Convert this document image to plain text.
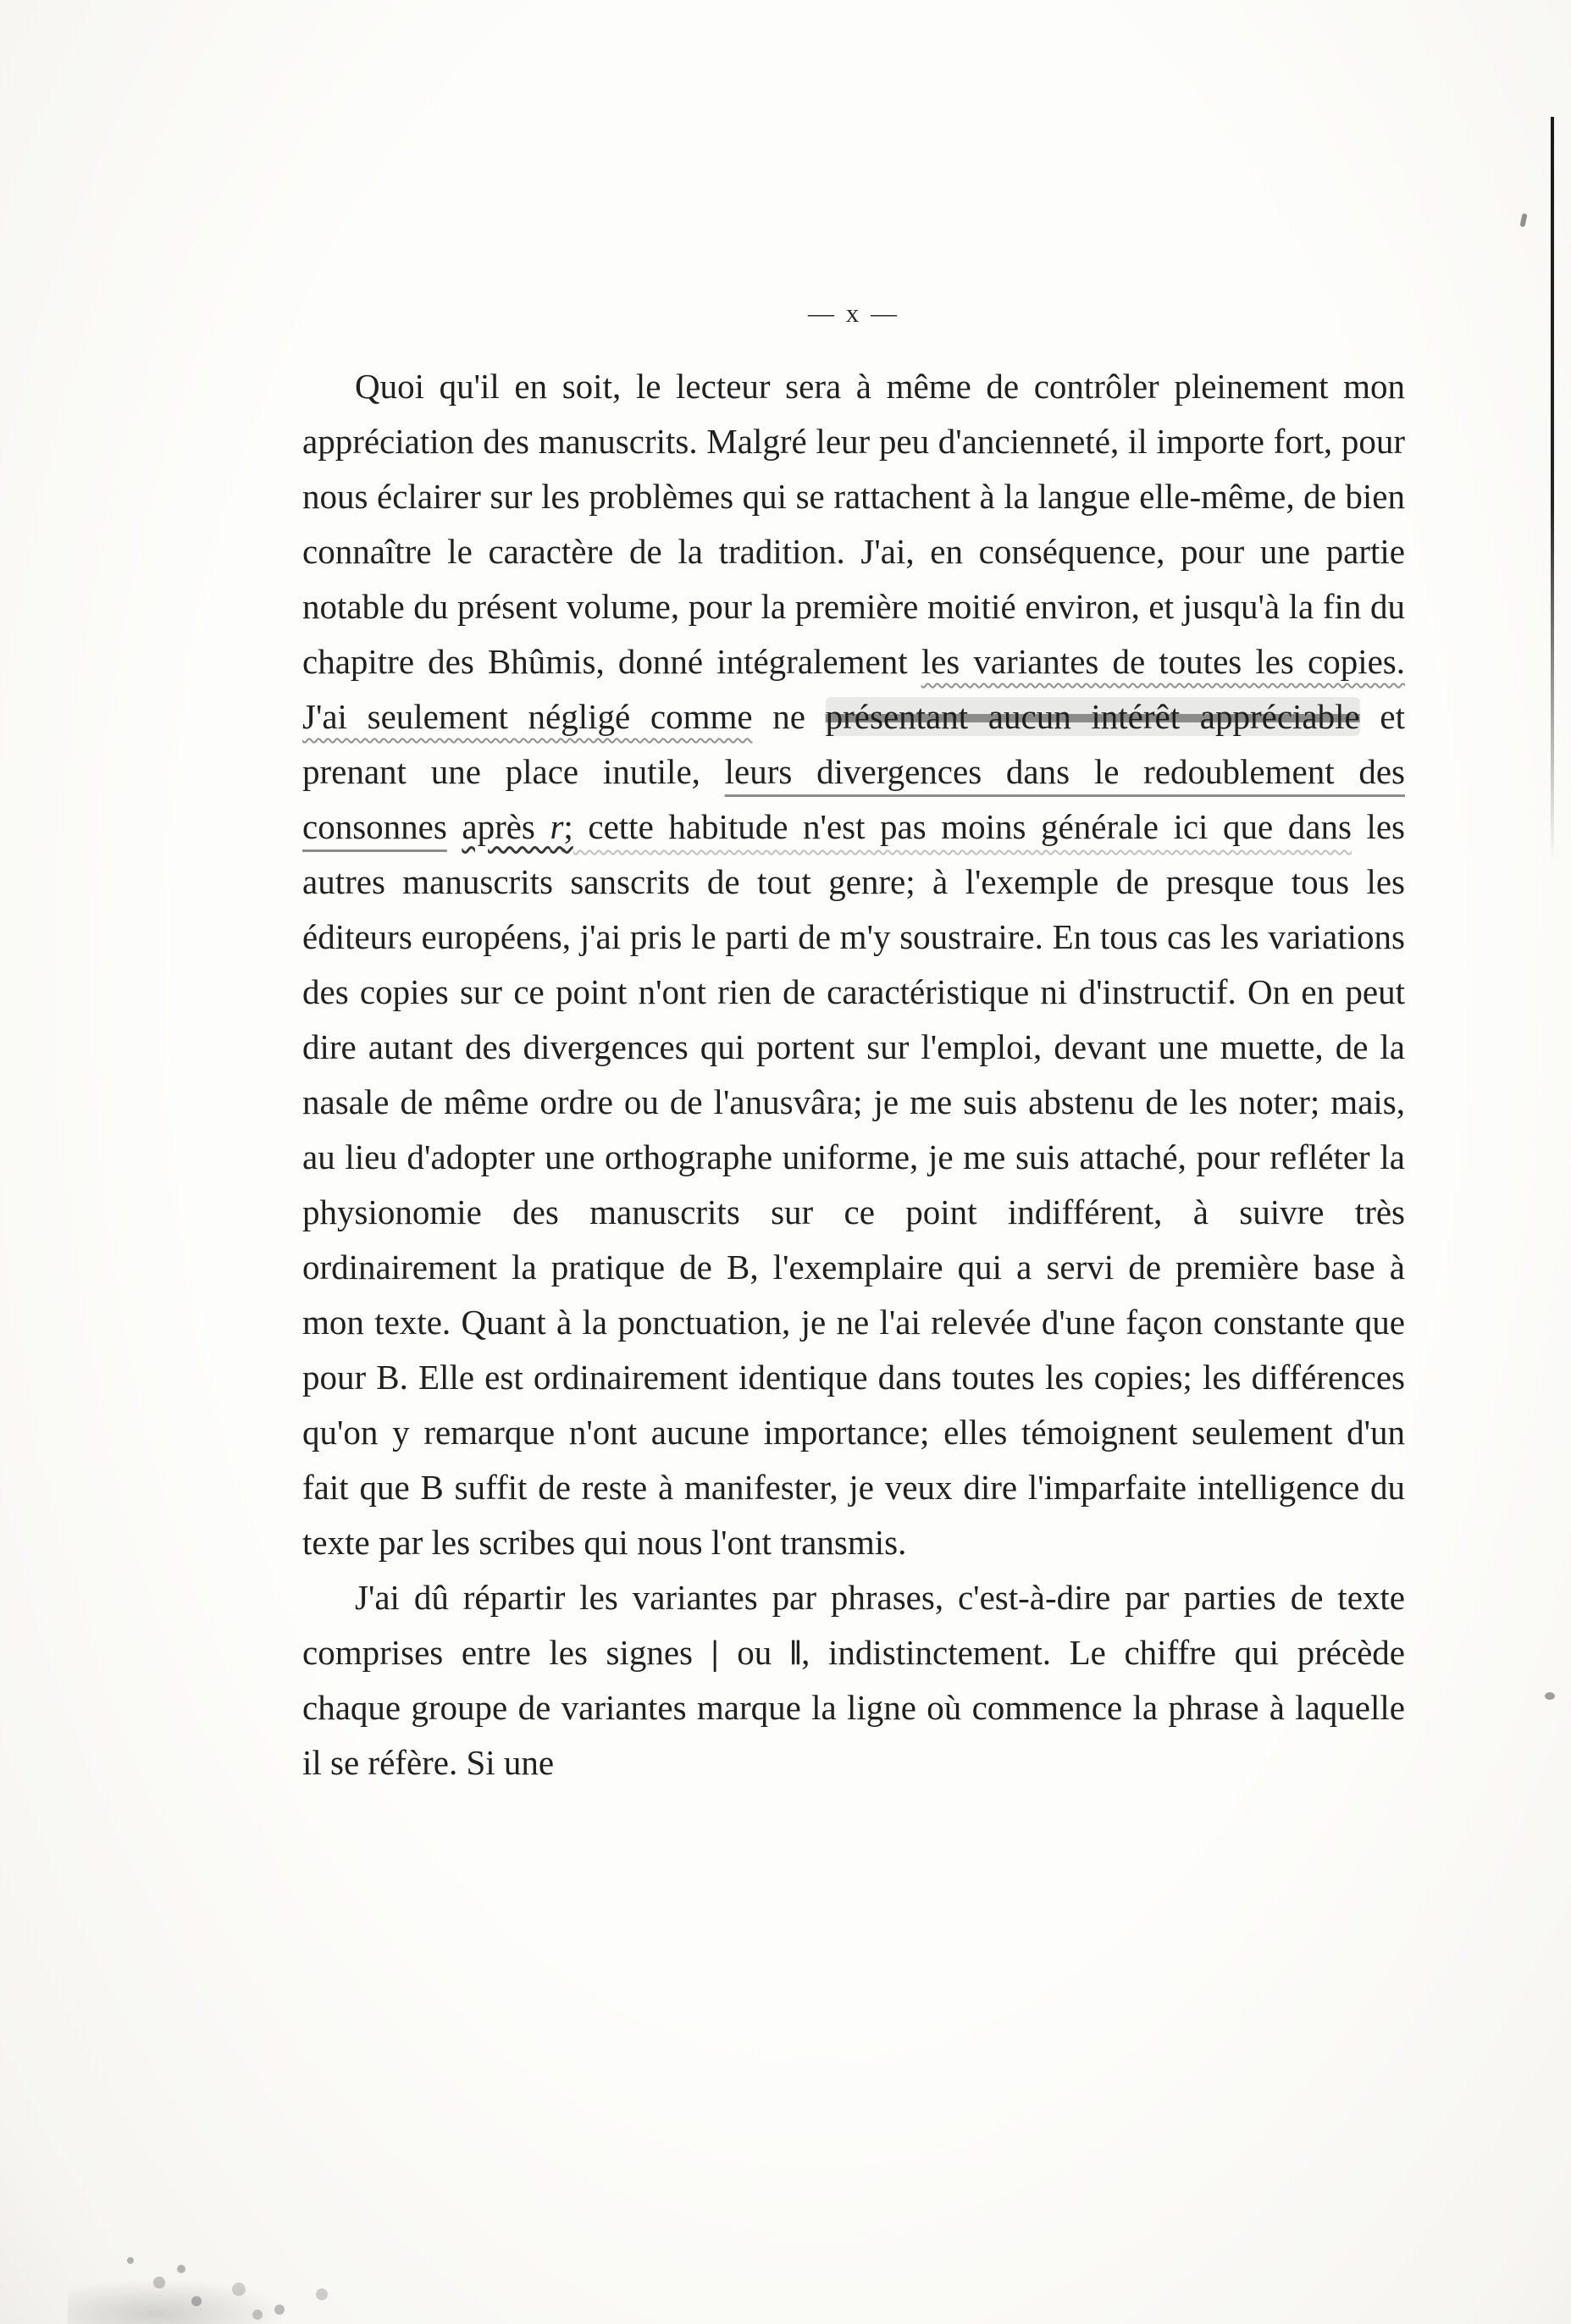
— x —

Quoi qu'il en soit, le lecteur sera à même de contrôler pleinement mon appréciation des manuscrits. Malgré leur peu d'ancienneté, il importe fort, pour nous éclairer sur les problèmes qui se rattachent à la langue elle-même, de bien connaître le caractère de la tradition. J'ai, en conséquence, pour une partie notable du présent volume, pour la première moitié environ, et jusqu'à la fin du chapitre des Bhûmis, donné intégralement les variantes de toutes les copies. J'ai seulement négligé comme ne présentant aucun intérêt appréciable et prenant une place inutile, leurs divergences dans le redoublement des consonnes après r; cette habitude n'est pas moins générale ici que dans les autres manuscrits sanscrits de tout genre; à l'exemple de presque tous les éditeurs européens, j'ai pris le parti de m'y soustraire. En tous cas les variations des copies sur ce point n'ont rien de caractéristique ni d'instructif. On en peut dire autant des divergences qui portent sur l'emploi, devant une muette, de la nasale de même ordre ou de l'anusvâra; je me suis abstenu de les noter; mais, au lieu d'adopter une orthographe uniforme, je me suis attaché, pour refléter la physionomie des manuscrits sur ce point indifférent, à suivre très ordinairement la pratique de B, l'exemplaire qui a servi de première base à mon texte. Quant à la ponctuation, je ne l'ai relevée d'une façon constante que pour B. Elle est ordinairement identique dans toutes les copies; les différences qu'on y remarque n'ont aucune importance; elles témoignent seulement d'un fait que B suffit de reste à manifester, je veux dire l'imparfaite intelligence du texte par les scribes qui nous l'ont transmis.

J'ai dû répartir les variantes par phrases, c'est-à-dire par parties de texte comprises entre les signes | ou ‖, indistinctement. Le chiffre qui précède chaque groupe de variantes marque la ligne où commence la phrase à laquelle il se réfère. Si une
